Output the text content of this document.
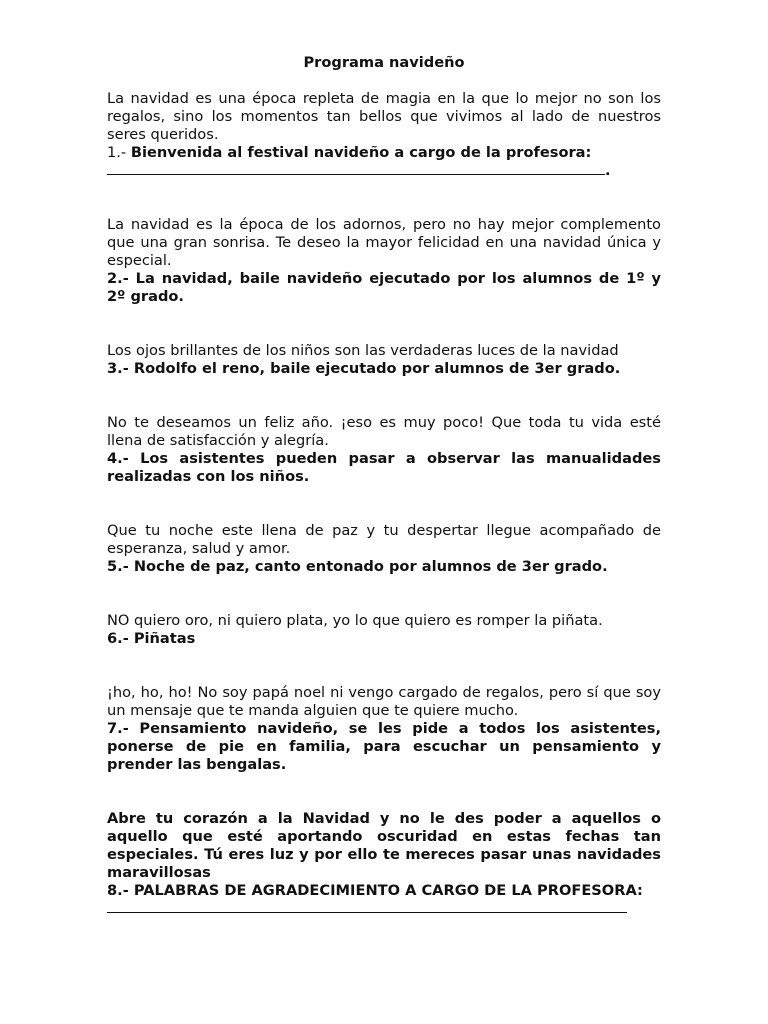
Programa navideño

La navidad es una época repleta de magia en la que lo mejor no son los regalos, sino los momentos tan bellos que vivimos al lado de nuestros seres queridos.

1.- Bienvenida al festival navideño a cargo de la profesora:
.

La navidad es la época de los adornos, pero no hay mejor complemento que una gran sonrisa. Te deseo la mayor felicidad en una navidad única y especial.

2.- La navidad, baile navideño ejecutado por los alumnos de 1º y 2º grado.

Los ojos brillantes de los niños son las verdaderas luces de la navidad

3.- Rodolfo el reno, baile ejecutado por alumnos de 3er grado.

No te deseamos un feliz año. ¡eso es muy poco! Que toda tu vida esté llena de satisfacción y alegría.

4.- Los asistentes pueden pasar a observar las manualidades realizadas con los niños.

Que tu noche este llena de paz y tu despertar llegue acompañado de esperanza, salud y amor.

5.- Noche de paz, canto entonado por alumnos de 3er grado.

NO quiero oro, ni quiero plata, yo lo que quiero es romper la piñata.

6.- Piñatas

¡ho, ho, ho! No soy papá noel ni vengo cargado de regalos, pero sí que soy un mensaje que te manda alguien que te quiere mucho.

7.- Pensamiento navideño, se les pide a todos los asistentes, ponerse de pie en familia, para escuchar un pensamiento y prender las bengalas.

Abre tu corazón a la Navidad y no le des poder a aquellos o aquello que esté aportando oscuridad en estas fechas tan especiales. Tú eres luz y por ello te mereces pasar unas navidades maravillosas

8.- PALABRAS DE AGRADECIMIENTO A CARGO DE LA PROFESORA:
